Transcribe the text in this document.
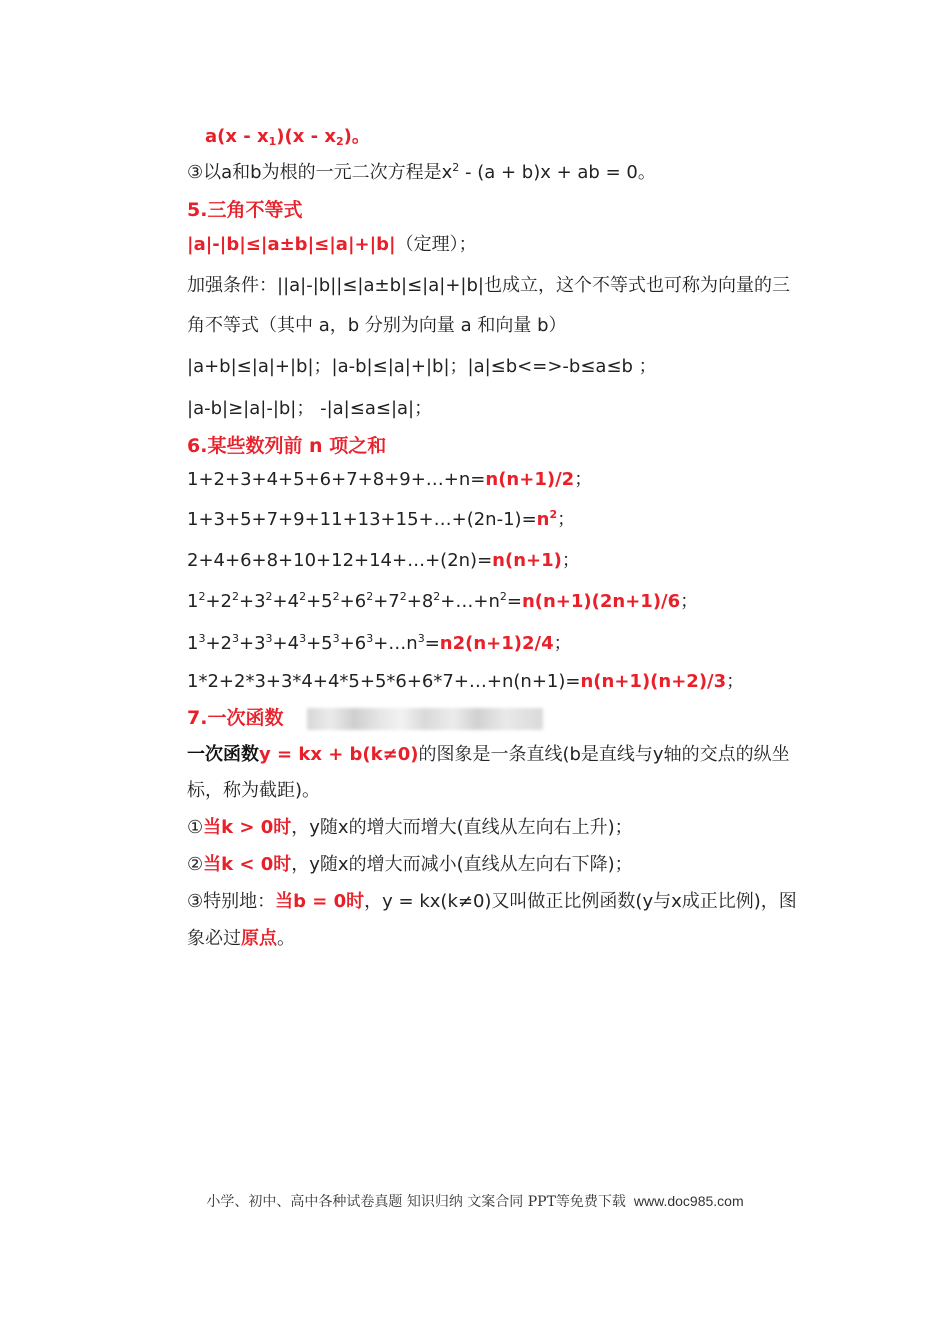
$a(x - x_1)(x - x_2)$。
③以a和b为根的一元二次方程是$x^2 - (a + b)x$ + ab = 0。
5.三角不等式
|a|-|b|≤|a±b|≤|a|+|b|（定理）；
加强条件：||a|-|b||≤|a±b|≤|a|+|b|也成立，这个不等式也可称为向量的三
角不等式（其中 a，b 分别为向量 a 和向量 b）
|a+b|≤|a|+|b|；|a-b|≤|a|+|b|；|a|≤b<=>-b≤a≤b ；
|a-b|≥|a|-|b|； -|a|≤a≤|a|；
6.某些数列前 n 项之和
1+2+3+4+5+6+7+8+9+…+n=n(n+1)/2；
$1+3+5+7+9+11+13+15+\dots+(2n-1)=n^2$；
2+4+6+8+10+12+14+…+(2n)=n(n+1)；
$1^2+2^2+3^2+4^2+5^2+6^2+7^2+8^2+\dots+n^2=n(n+1)(2n+1)/6$；
$1^3+2^3+3^3+4^3+5^3+6^3+\dots n^3=n2(n+1)2/4$；
1*2+2*3+3*4+4*5+5*6+6*7+…+n(n+1)=n(n+1)(n+2)/3；
7.一次函数
一次函数y = kx + b(k≠0)的图象是一条直线(b是直线与y轴的交点的纵坐
标，称为截距)。
①当k > 0时，y随x的增大而增大(直线从左向右上升)；
②当k < 0时，y随x的增大而减小(直线从左向右下降)；
③特别地：当b = 0时，y = kx(k≠0)又叫做正比例函数(y与x成正比例)，图
象必过原点。
小学、初中、高中各种试卷真题 知识归纳 文案合同 PPT等免费下载 www.doc985.com
